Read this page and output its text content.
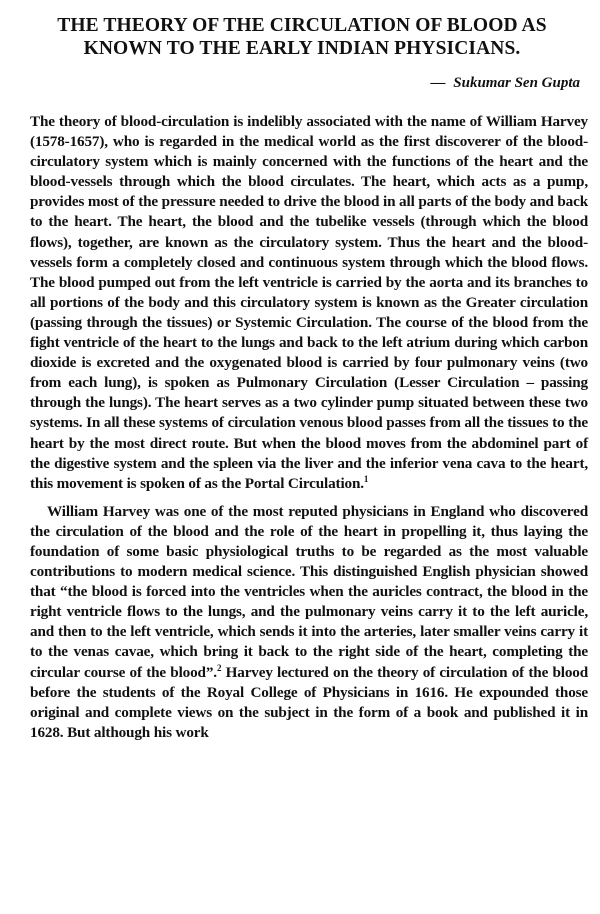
THE THEORY OF THE CIRCULATION OF BLOOD AS KNOWN TO THE EARLY INDIAN PHYSICIANS.

— Sukumar Sen Gupta

The theory of blood-circulation is indelibly associated with the name of William Harvey (1578-1657), who is regarded in the medical world as the first discoverer of the blood-circulatory system which is mainly concerned with the functions of the heart and the blood-vessels through which the blood circulates. The heart, which acts as a pump, provides most of the pressure needed to drive the blood in all parts of the body and back to the heart. The heart, the blood and the tubelike vessels (through which the blood flows), together, are known as the circulatory system. Thus the heart and the blood-vessels form a completely closed and continuous system through which the blood flows. The blood pumped out from the left ventricle is carried by the aorta and its branches to all portions of the body and this circulatory system is known as the Greater circulation (passing through the tissues) or Systemic Circulation. The course of the blood from the fight ventricle of the heart to the lungs and back to the left atrium during which carbon dioxide is excreted and the oxygenated blood is carried by four pulmonary veins (two from each lung), is spoken as Pulmonary Circulation (Lesser Circulation – passing through the lungs). The heart serves as a two cylinder pump situated between these two systems. In all these systems of circulation venous blood passes from all the tissues to the heart by the most direct route. But when the blood moves from the abdominel part of the digestive system and the spleen via the liver and the inferior vena cava to the heart, this movement is spoken of as the Portal Circulation.$^1$

William Harvey was one of the most reputed physicians in England who discovered the circulation of the blood and the role of the heart in propelling it, thus laying the foundation of some basic physiological truths to be regarded as the most valuable contributions to modern medical science. This distinguished English physician showed that “the blood is forced into the ventricles when the auricles contract, the blood in the right ventricle flows to the lungs, and the pulmonary veins carry it to the left auricle, and then to the left ventricle, which sends it into the arteries, later smaller veins carry it to the venas cavae, which bring it back to the right side of the heart, completing the circular course of the blood”.$^2$ Harvey lectured on the theory of circulation of the blood before the students of the Royal College of Physicians in 1616. He expounded those original and complete views on the subject in the form of a book and published it in 1628. But although his work
